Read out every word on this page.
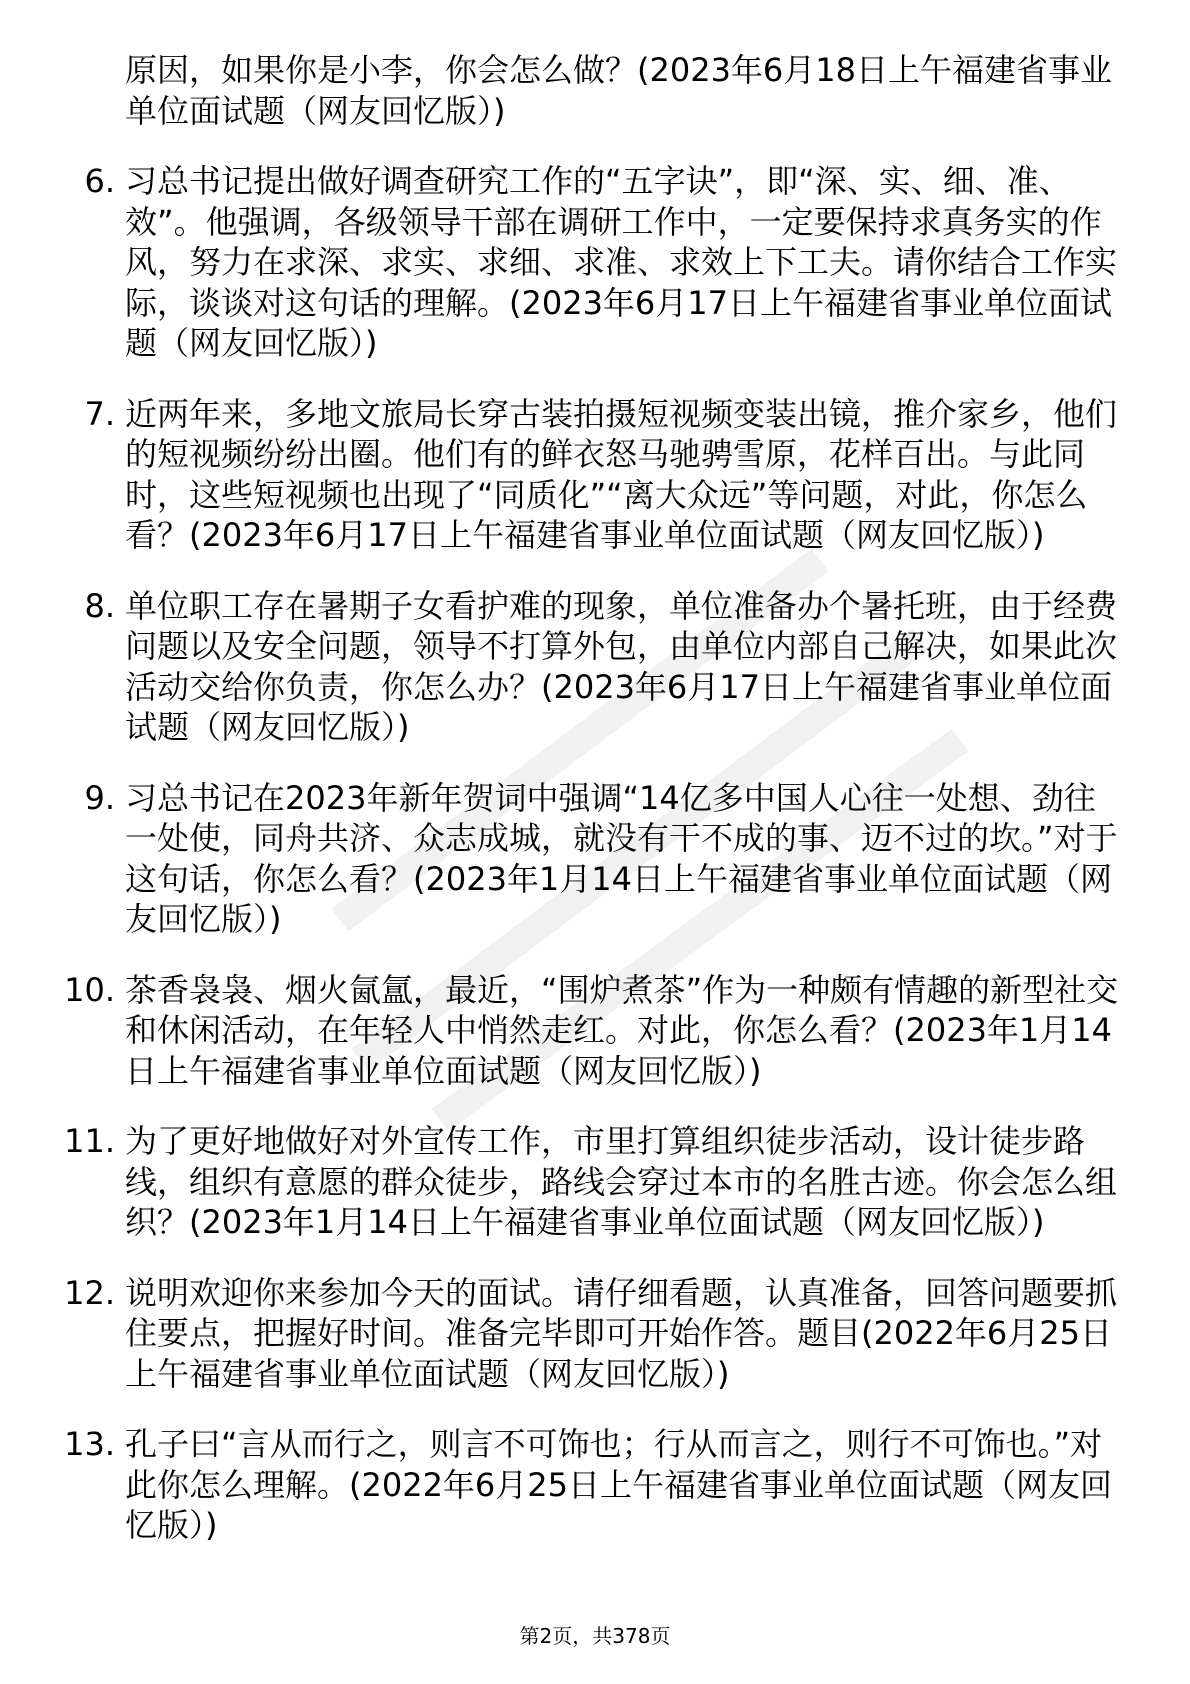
原因，如果你是小李，你会怎么做？(2023年6月18日上午福建省事业单位面试题（网友回忆版）)
6. 习总书记提出做好调查研究工作的“五字诀”，即“深、实、细、准、效”。他强调，各级领导干部在调研工作中，一定要保持求真务实的作风，努力在求深、求实、求细、求准、求效上下工夫。请你结合工作实际，谈谈对这句话的理解。(2023年6月17日上午福建省事业单位面试题（网友回忆版）)
7. 近两年来，多地文旅局长穿古装拍摄短视频变装出镜，推介家乡，他们的短视频纷纷出圈。他们有的鲜衣怒马驰骋雪原，花样百出。与此同时，这些短视频也出现了“同质化”“离大众远”等问题，对此，你怎么看？(2023年6月17日上午福建省事业单位面试题（网友回忆版）)
8. 单位职工存在暑期子女看护难的现象，单位准备办个暑托班，由于经费问题以及安全问题，领导不打算外包，由单位内部自己解决，如果此次活动交给你负责，你怎么办？(2023年6月17日上午福建省事业单位面试题（网友回忆版）)
9. 习总书记在2023年新年贺词中强调“14亿多中国人心往一处想、劲往一处使，同舟共济、众志成城，就没有干不成的事、迈不过的坎。”对于这句话，你怎么看？(2023年1月14日上午福建省事业单位面试题（网友回忆版）)
10. 茶香袅袅、烟火氤氲，最近，“围炉煮茶”作为一种颇有情趣的新型社交和休闲活动，在年轻人中悄然走红。对此，你怎么看？(2023年1月14日上午福建省事业单位面试题（网友回忆版）)
11. 为了更好地做好对外宣传工作，市里打算组织徒步活动，设计徒步路线，组织有意愿的群众徒步，路线会穿过本市的名胜古迹。你会怎么组织？(2023年1月14日上午福建省事业单位面试题（网友回忆版）)
12. 说明欢迎你来参加今天的面试。请仔细看题，认真准备，回答问题要抓住要点，把握好时间。准备完毕即可开始作答。题目(2022年6月25日上午福建省事业单位面试题（网友回忆版）)
13. 孔子曰“言从而行之，则言不可饰也；行从而言之，则行不可饰也。”对此你怎么理解。(2022年6月25日上午福建省事业单位面试题（网友回忆版）)
第2页，共378页
